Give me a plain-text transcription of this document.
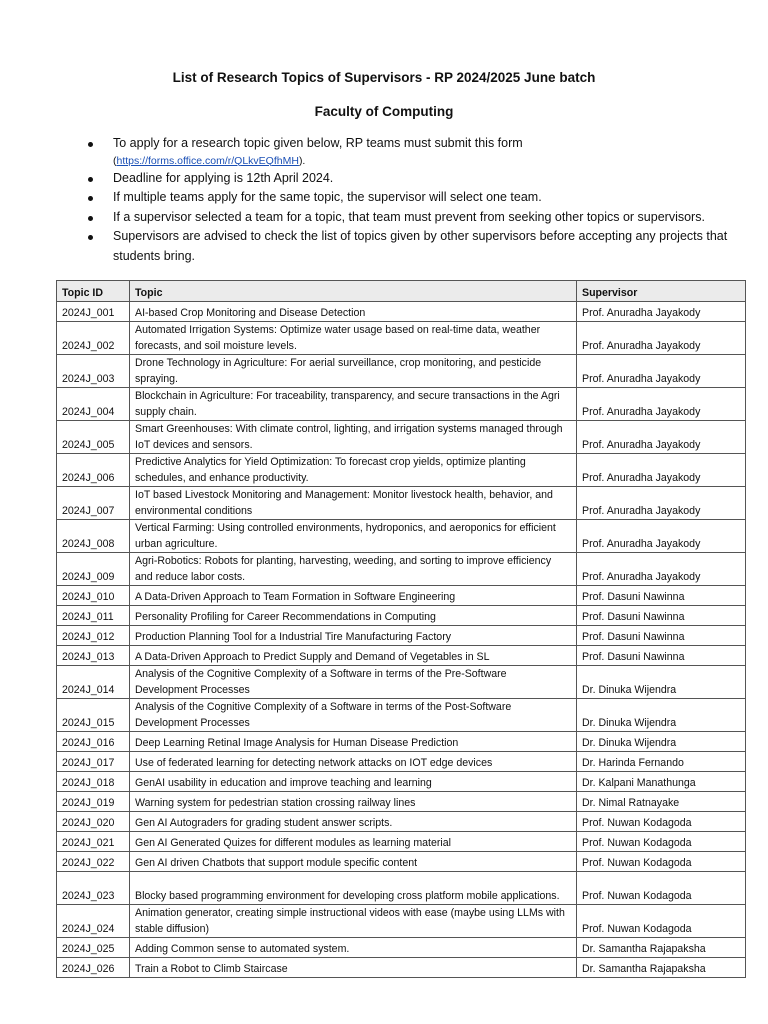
List of Research Topics of Supervisors - RP 2024/2025 June batch
Faculty of Computing
To apply for a research topic given below, RP teams must submit this form
(https://forms.office.com/r/QLkvEQfhMH).
Deadline for applying is 12th April 2024.
If multiple teams apply for the same topic, the supervisor will select one team.
If a supervisor selected a team for a topic, that team must prevent from seeking other topics or supervisors.
Supervisors are advised to check the list of topics given by other supervisors before accepting any projects that students bring.
Topic ID	Topic	Supervisor
2024J_001	AI-based Crop Monitoring and Disease Detection	Prof. Anuradha Jayakody
2024J_002	Automated Irrigation Systems: Optimize water usage based on real-time data, weather forecasts, and soil moisture levels.	Prof. Anuradha Jayakody
2024J_003	Drone Technology in Agriculture: For aerial surveillance, crop monitoring, and pesticide spraying.	Prof. Anuradha Jayakody
2024J_004	Blockchain in Agriculture: For traceability, transparency, and secure transactions in the Agri supply chain.	Prof. Anuradha Jayakody
2024J_005	Smart Greenhouses: With climate control, lighting, and irrigation systems managed through IoT devices and sensors.	Prof. Anuradha Jayakody
2024J_006	Predictive Analytics for Yield Optimization: To forecast crop yields, optimize planting schedules, and enhance productivity.	Prof. Anuradha Jayakody
2024J_007	IoT based Livestock Monitoring and Management: Monitor livestock health, behavior, and environmental conditions	Prof. Anuradha Jayakody
2024J_008	Vertical Farming: Using controlled environments, hydroponics, and aeroponics for efficient urban agriculture.	Prof. Anuradha Jayakody
2024J_009	Agri-Robotics: Robots for planting, harvesting, weeding, and sorting to improve efficiency and reduce labor costs.	Prof. Anuradha Jayakody
2024J_010	A Data-Driven Approach to Team Formation in Software Engineering	Prof. Dasuni Nawinna
2024J_011	Personality Profiling for Career Recommendations in Computing	Prof. Dasuni Nawinna
2024J_012	Production Planning Tool for a Industrial Tire Manufacturing Factory	Prof. Dasuni Nawinna
2024J_013	A Data-Driven Approach to Predict Supply and Demand of Vegetables in SL	Prof. Dasuni Nawinna
2024J_014	Analysis of the Cognitive Complexity of a Software in terms of the Pre-Software Development Processes	Dr. Dinuka Wijendra
2024J_015	Analysis of the Cognitive Complexity of a Software in terms of the Post-Software Development Processes	Dr. Dinuka Wijendra
2024J_016	Deep Learning Retinal Image Analysis for Human Disease Prediction	Dr. Dinuka Wijendra
2024J_017	Use of federated learning for detecting network attacks on IOT edge devices	Dr. Harinda Fernando
2024J_018	GenAI usability in education and improve teaching and learning	Dr. Kalpani Manathunga
2024J_019	Warning system for pedestrian station crossing railway lines	Dr. Nimal Ratnayake
2024J_020	Gen AI Autograders for grading student answer scripts.	Prof. Nuwan Kodagoda
2024J_021	Gen AI Generated Quizes for different modules as learning material	Prof. Nuwan Kodagoda
2024J_022	Gen AI driven Chatbots that support module specific content	Prof. Nuwan Kodagoda
2024J_023	Blocky based programming environment for developing cross platform mobile applications.	Prof. Nuwan Kodagoda
2024J_024	Animation generator, creating simple instructional videos with ease (maybe using LLMs with stable diffusion)	Prof. Nuwan Kodagoda
2024J_025	Adding Common sense to automated system.	Dr. Samantha Rajapaksha
2024J_026	Train a Robot to Climb Staircase	Dr. Samantha Rajapaksha
